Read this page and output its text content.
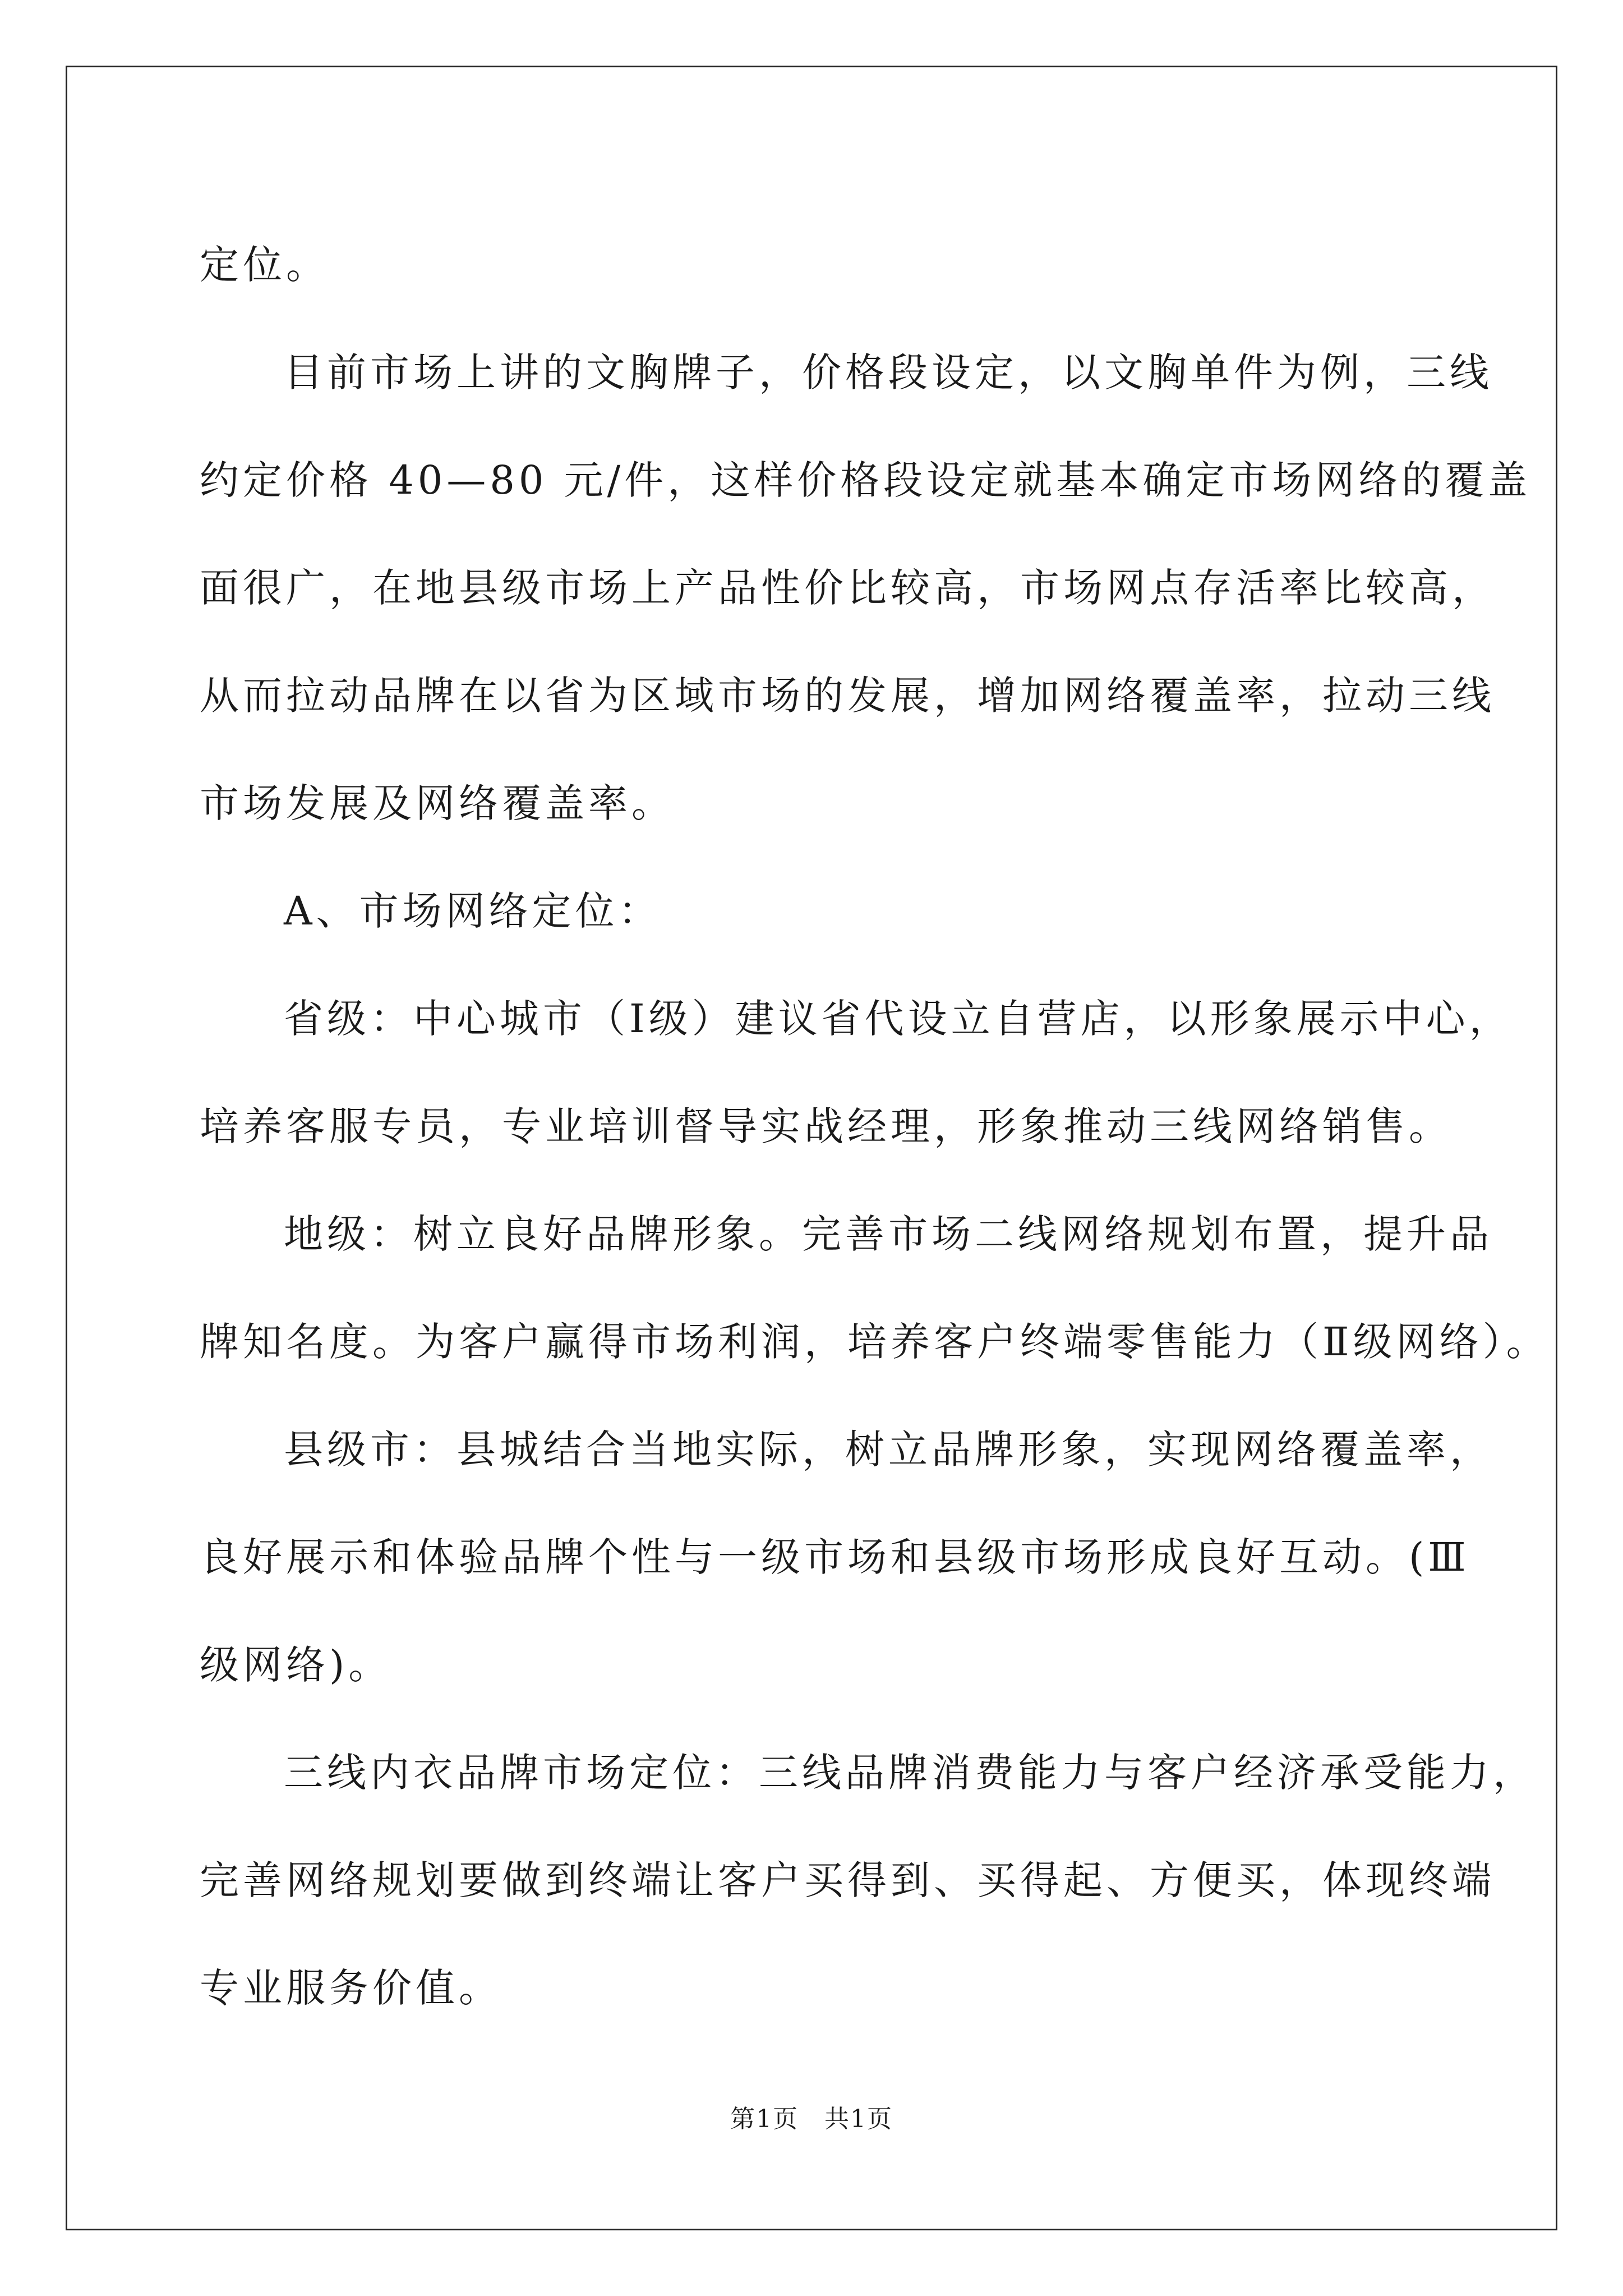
定位。
目前市场上讲的文胸牌子，价格段设定，以文胸单件为例，三线
约定价格 40—80 元/件，这样价格段设定就基本确定市场网络的覆盖
面很广，在地县级市场上产品性价比较高，市场网点存活率比较高，
从而拉动品牌在以省为区域市场的发展，增加网络覆盖率，拉动三线
市场发展及网络覆盖率。
A、市场网络定位：
省级：中心城市（Ⅰ级）建议省代设立自营店，以形象展示中心，
培养客服专员，专业培训督导实战经理，形象推动三线网络销售。
地级：树立良好品牌形象。完善市场二线网络规划布置，提升品
牌知名度。为客户赢得市场利润，培养客户终端零售能力（Ⅱ级网络）。
县级市：县城结合当地实际，树立品牌形象，实现网络覆盖率，
良好展示和体验品牌个性与一级市场和县级市场形成良好互动。(Ⅲ
级网络)。
三线内衣品牌市场定位：三线品牌消费能力与客户经济承受能力，
完善网络规划要做到终端让客户买得到、买得起、方便买，体现终端
专业服务价值。
第1页　共1页
